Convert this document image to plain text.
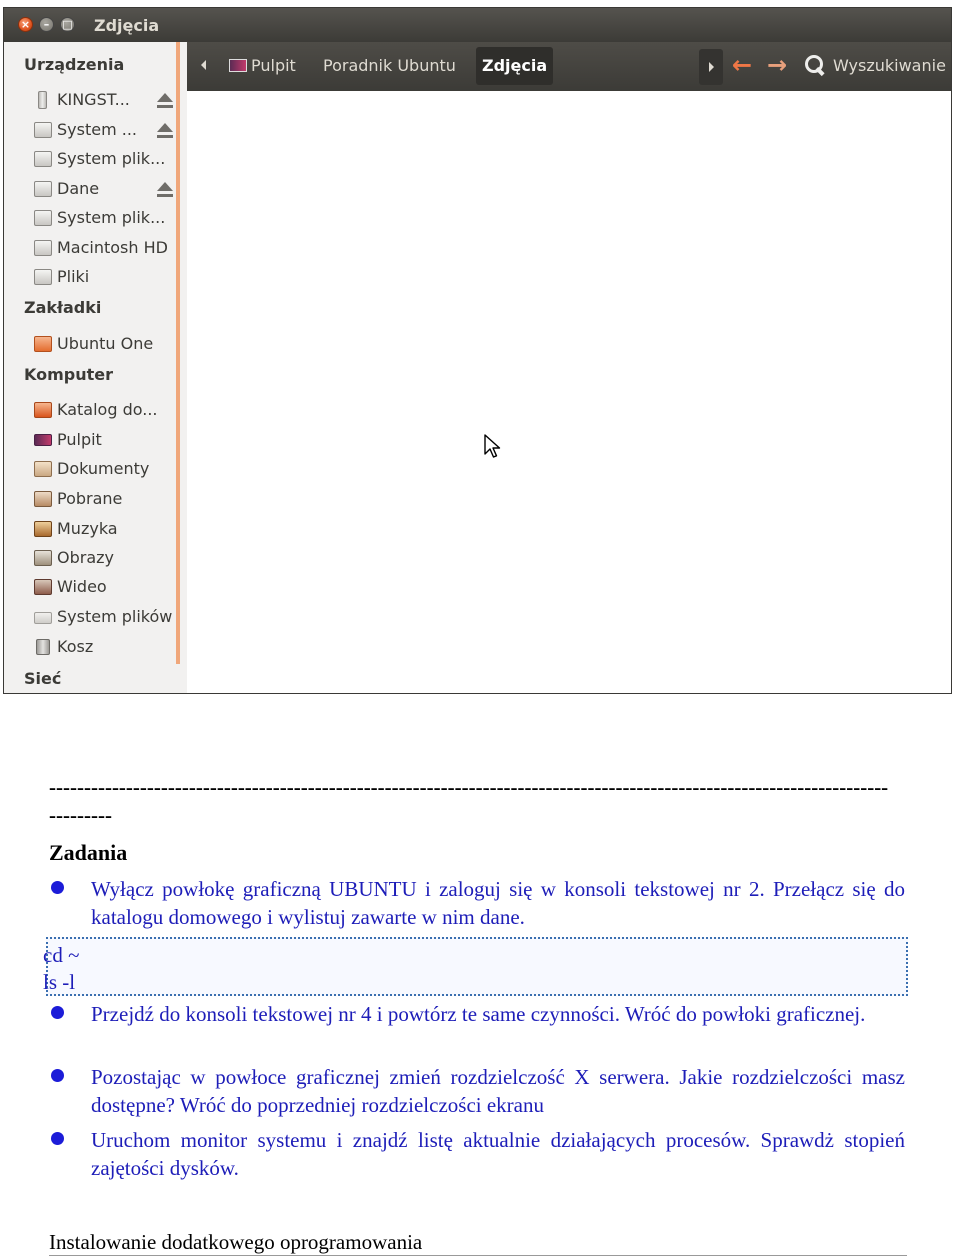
×	–	□ Zdjęcia
Urządzenia
KINGST...
System ...
System plik...
Dane
System plik...
Macintosh HD
Pliki
Zakładki
Ubuntu One
Komputer
Katalog do...
Pulpit
Dokumenty
Pobrane
Muzyka
Obrazy
Wideo
System plików
Kosz
Sieć
Pulpit Poradnik Ubuntu	Zdjęcia	← →	Wyszukiwanie
------------------------------------------------------------------------------------------------------------------------
---------
Zadania
Wyłącz powłokę graficzną UBUNTU i zaloguj się w konsoli tekstowej nr 2. Przełącz się do katalogu domowego i wylistuj zawarte w nim dane.
cd ~
ls -l
Przejdź do konsoli tekstowej nr 4 i powtórz te same czynności. Wróć do powłoki graficznej.
Pozostając w powłoce graficznej zmień rozdzielczość X serwera. Jakie rozdzielczości masz dostępne? Wróć do poprzedniej rozdzielczości ekranu
Uruchom monitor systemu i znajdź listę aktualnie działających procesów. Sprawdż stopień zajętości dysków.
Instalowanie dodatkowego oprogramowania
